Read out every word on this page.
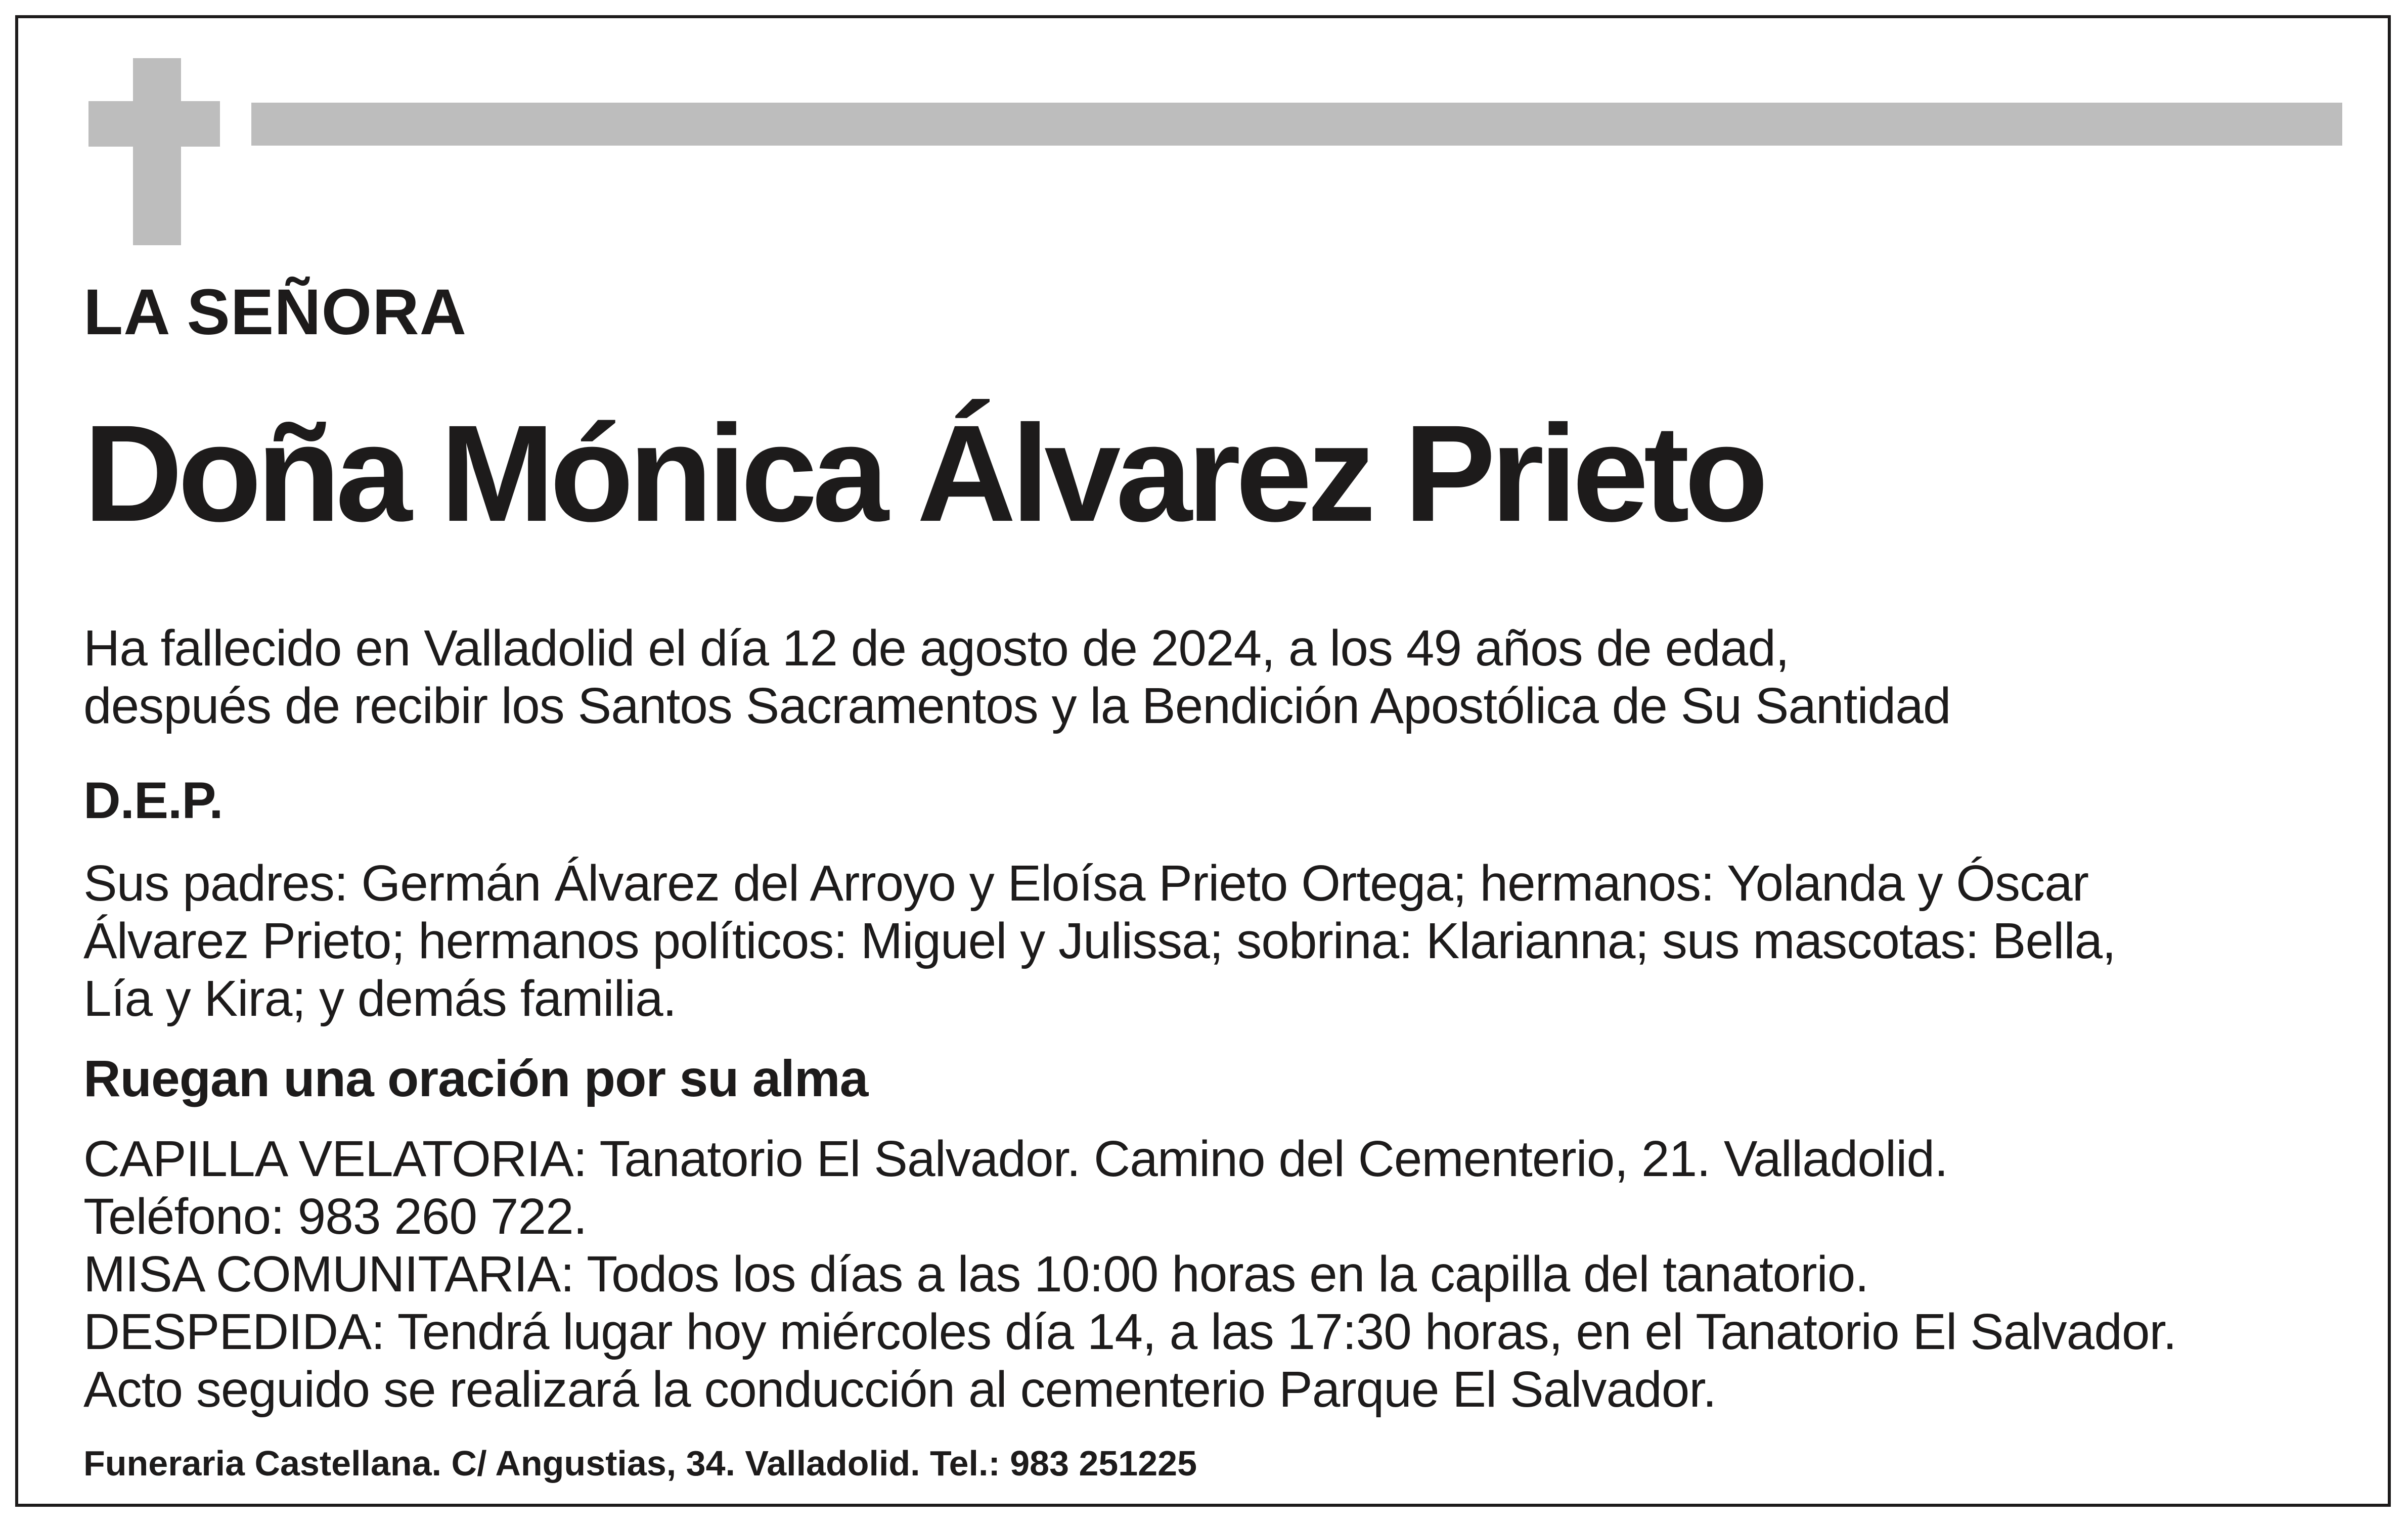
LA SEÑORA
Doña Mónica Álvarez Prieto
Ha fallecido en Valladolid el día 12 de agosto de 2024, a los 49 años de edad,
después de recibir los Santos Sacramentos y la Bendición Apostólica de Su Santidad
D.E.P.
Sus padres: Germán Álvarez del Arroyo y Eloísa Prieto Ortega; hermanos: Yolanda y Óscar
Álvarez Prieto; hermanos políticos: Miguel y Julissa; sobrina: Klarianna; sus mascotas: Bella,
Lía y Kira; y demás familia.
Ruegan una oración por su alma
CAPILLA VELATORIA: Tanatorio El Salvador. Camino del Cementerio, 21. Valladolid.
Teléfono: 983 260 722.
MISA COMUNITARIA: Todos los días a las 10:00 horas en la capilla del tanatorio.
DESPEDIDA: Tendrá lugar hoy miércoles día 14, a las 17:30 horas, en el Tanatorio El Salvador.
Acto seguido se realizará la conducción al cementerio Parque El Salvador.
Funeraria Castellana. C/ Angustias, 34. Valladolid. Tel.: 983 251225
